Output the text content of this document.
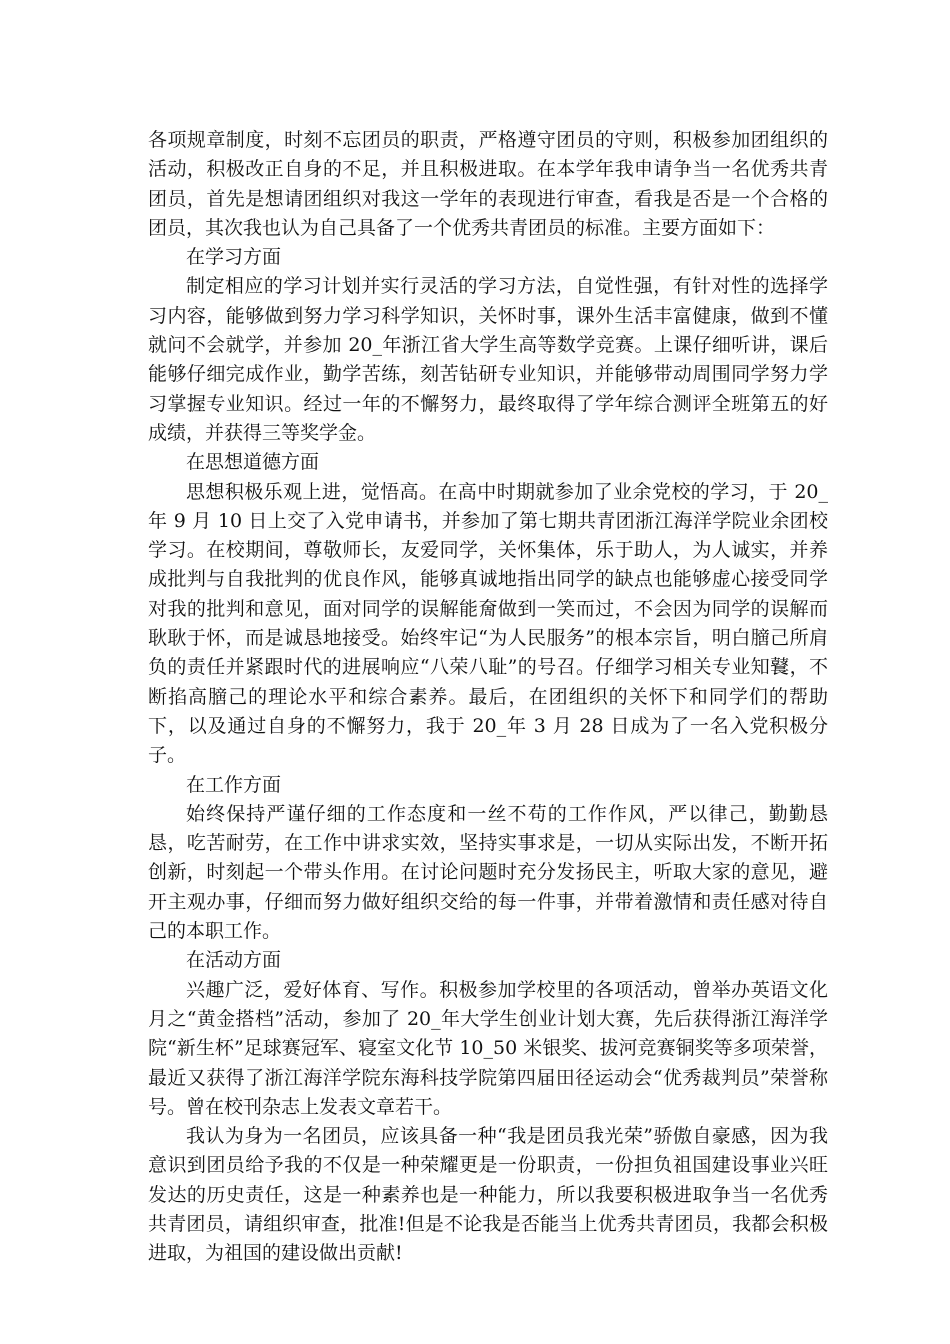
各项规章制度，时刻不忘团员的职责，严格遵守团员的守则，积极参加团组织的活动，积极改正自身的不足，并且积极进取。在本学年我申请争当一名优秀共青团员，首先是想请团组织对我这一学年的表现进行审查，看我是否是一个合格的团员，其次我也认为自己具备了一个优秀共青团员的标准。主要方面如下：

在学习方面

制定相应的学习计划并实行灵活的学习方法，自觉性强，有针对性的选择学习内容，能够做到努力学习科学知识，关怀时事，课外生活丰富健康，做到不懂就问不会就学，并参加 20_年浙江省大学生高等数学竞赛。上课仔细听讲，课后能够仔细完成作业，勤学苦练，刻苦钻研专业知识，并能够带动周围同学努力学习掌握专业知识。经过一年的不懈努力，最终取得了学年综合测评全班第五的好成绩，并获得三等奖学金。

在思想道德方面

思想积极乐观上进，觉悟高。在高中时期就参加了业余党校的学习，于 20_年 9 月 10 日上交了入党申请书，并参加了第七期共青团浙江海洋学院业余团校学习。在校期间，尊敬师长，友爱同学，关怀集体，乐于助人，为人诚实，并养成批判与自我批判的优良作风，能够真诚地指出同学的缺点也能够虚心接受同学对我的批判和意见，面对同学的误解能奝做到一笑而过，不会因为同学的误解而耿耿于怀，而是诚恳地接受。始终牢记“为人民服务”的根本宗旨，明白膪己所肩负的责任并紧跟时代的进展响应“八荣八耻”的号召。仔细学习相关专业知鼚，不断掐高膪己的理论水平和综合素养。最后，在团组织的关怀下和同学们的帮助下，以及通过自身的不懈努力，我于 20_年 3 月 28 日成为了一名入党积极分子。

在工作方面

始终保持严谨仔细的工作态度和一丝不苟的工作作风，严以律己，勤勤恳恳，吃苦耐劳，在工作中讲求实效，坚持实事求是，一切从实际出发，不断开拓创新，时刻起一个带头作用。在讨论问题时充分发扬民主，听取大家的意见，避开主观办事，仔细而努力做好组织交给的每一件事，并带着激情和责任感对待自己的本职工作。

在活动方面

兴趣广泛，爱好体育、写作。积极参加学校里的各项活动，曾举办英语文化月之“黄金搭档”活动，参加了 20_年大学生创业计划大赛，先后获得浙江海洋学院“新生杯”足球赛冠军、寝室文化节 10_50 米银奖、拔河竞赛铜奖等多项荣誉，最近又获得了浙江海洋学院东海科技学院第四届田径运动会“优秀裁判员”荣誉称号。曾在校刊杂志上发表文章若干。

我认为身为一名团员，应该具备一种“我是团员我光荣”骄傲自豪感，因为我意识到团员给予我的不仅是一种荣耀更是一份职责，一份担负祖国建设事业兴旺发达的历史责任，这是一种素养也是一种能力，所以我要积极进取争当一名优秀共青团员，请组织审查，批准!但是不论我是否能当上优秀共青团员，我都会积极进取，为祖国的建设做出贡献!
